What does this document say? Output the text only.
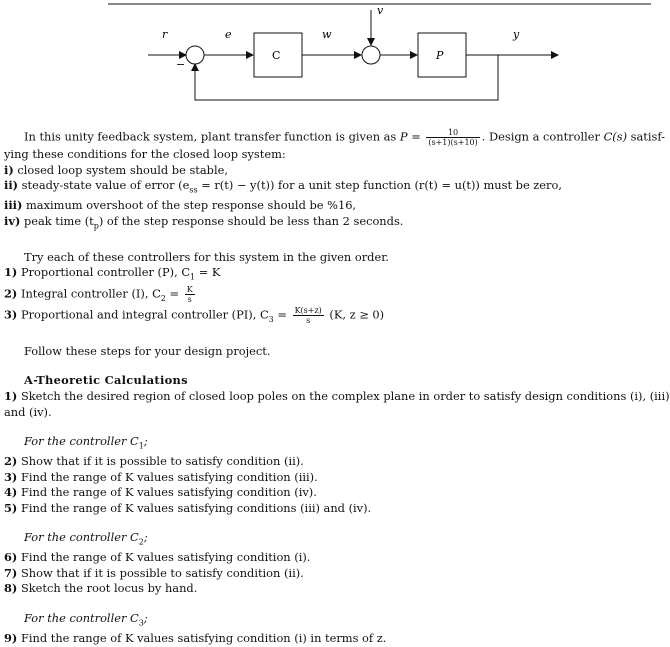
r
−
e
C
w
v
P
y
In this unity feedback system, plant transfer function is given as $P = \frac{10}{(s+1)(s+10)}$ . Design a controller C(s) satisf-
ying these conditions for the closed loop system:
i) closed loop system should be stable,
ii) steady-state value of error $(e_{ss} = r(t) - y(t))$ for a unit step function (r(t) = u(t)) must be zero,
iii) maximum overshoot of the step response should be %16,
iv) peak time $(t_p)$ of the step response should be less than 2 seconds.
Try each of these controllers for this system in the given order.
1) Proportional controller (P), $C_1 = K$
2) Integral controller (I), $C_2 = \frac{K}{s}$
3) Proportional and integral controller (PI), $C_3 = \frac{K(s+z)}{s} (K$, z ≥ 0)
Follow these steps for your design project.
A-Theoretic Calculations
1) Sketch the desired region of closed loop poles on the complex plane in order to satisfy design conditions (i), (iii)
and (iv).
For the controller $C_1$;
2) Show that if it is possible to satisfy condition (ii).
3) Find the range of K values satisfying condition (iii).
4) Find the range of K values satisfying condition (iv).
5) Find the range of K values satisfying conditions (iii) and (iv).
For the controller $C_2$;
6) Find the range of K values satisfying condition (i).
7) Show that if it is possible to satisfy condition (ii).
8) Sketch the root locus by hand.
For the controller $C_3$;
9) Find the range of K values satisfying condition (i) in terms of z.
